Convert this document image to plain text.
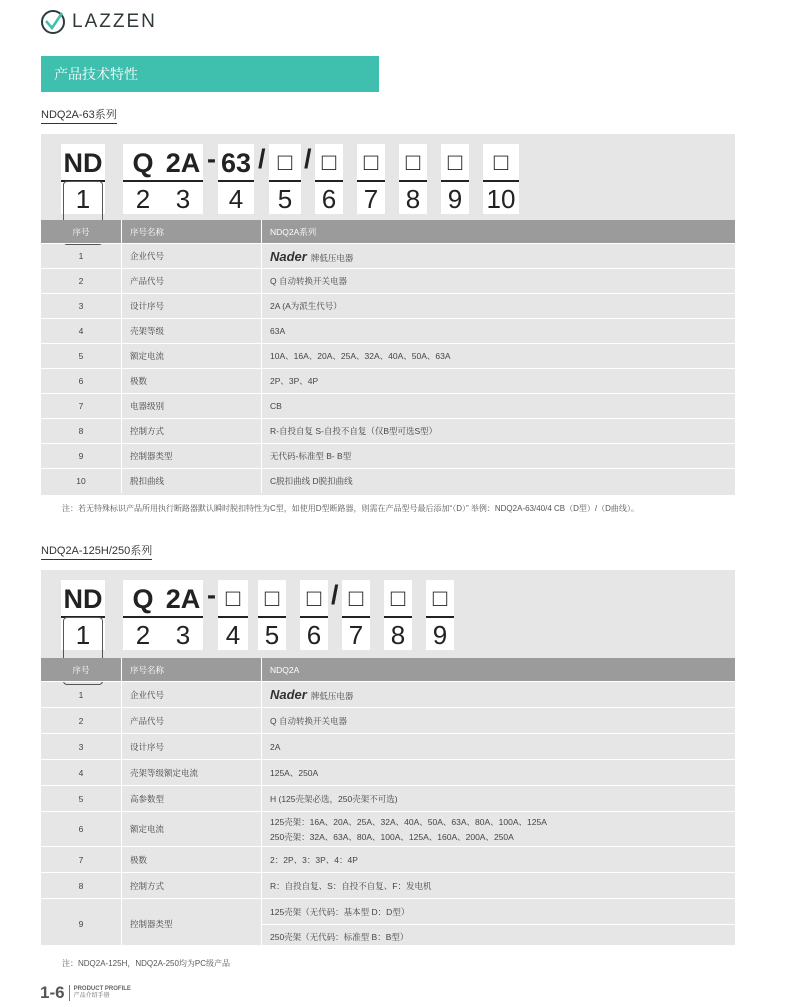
LAZZEN
产品技术特性
NDQ2A-63系列
ND
1
Q
2
2A
3
- 63
4
/ □
5
/ □
6
□
7
□
8
□
9
□
10
序号	序号名称	NDQ2A系列
1	企业代号	Nader 牌低压电器
2	产品代号	Q 自动转换开关电器
3	设计序号	2A (A为派生代号）
4	壳架等级	63A
5	额定电流	10A、16A、20A、25A、32A、40A、50A、63A
6	极数	2P、3P、4P
7	电器级别	CB
8	控制方式	R-自投自复 S-自投不自复（仅B型可选S型）
9	控制器类型	无代码-标准型 B- B型
10	脱扣曲线	C脱扣曲线 D脱扣曲线
注：若无特殊标识产品所用执行断路器默认瞬时脱扣特性为C型，如使用D型断路器，则需在产品型号最后添加“（D）” 举例：NDQ2A-63/40/4 CB（D型）/（D曲线）。
NDQ2A-125H/250系列
ND
1
Q
2
2A
3
- □
4
□
5
□
6
/ □
7
□
8
□
9
序号	序号名称	NDQ2A
1	企业代号	Nader 牌低压电器
2	产品代号	Q 自动转换开关电器
3	设计序号	2A
4	壳架等级额定电流	125A、250A
5	高参数型	H (125壳架必选，250壳架不可选)
6	额定电流	125壳架：16A、20A、25A、32A、40A、50A、63A、80A、100A、125A
250壳架：32A、63A、80A、100A、125A、160A、200A、250A

7	极数	2：2P、3：3P、4：4P
8	控制方式	R：自投自复、S：自投不自复、F：发电机
9	控制器类型	125壳架（无代码：基本型 D：D型）
250壳架（无代码：标准型 B：B型）
注：NDQ2A-125H，NDQ2A-250均为PC级产品
1-6 PRODUCT PROFILE
产品介绍手册
